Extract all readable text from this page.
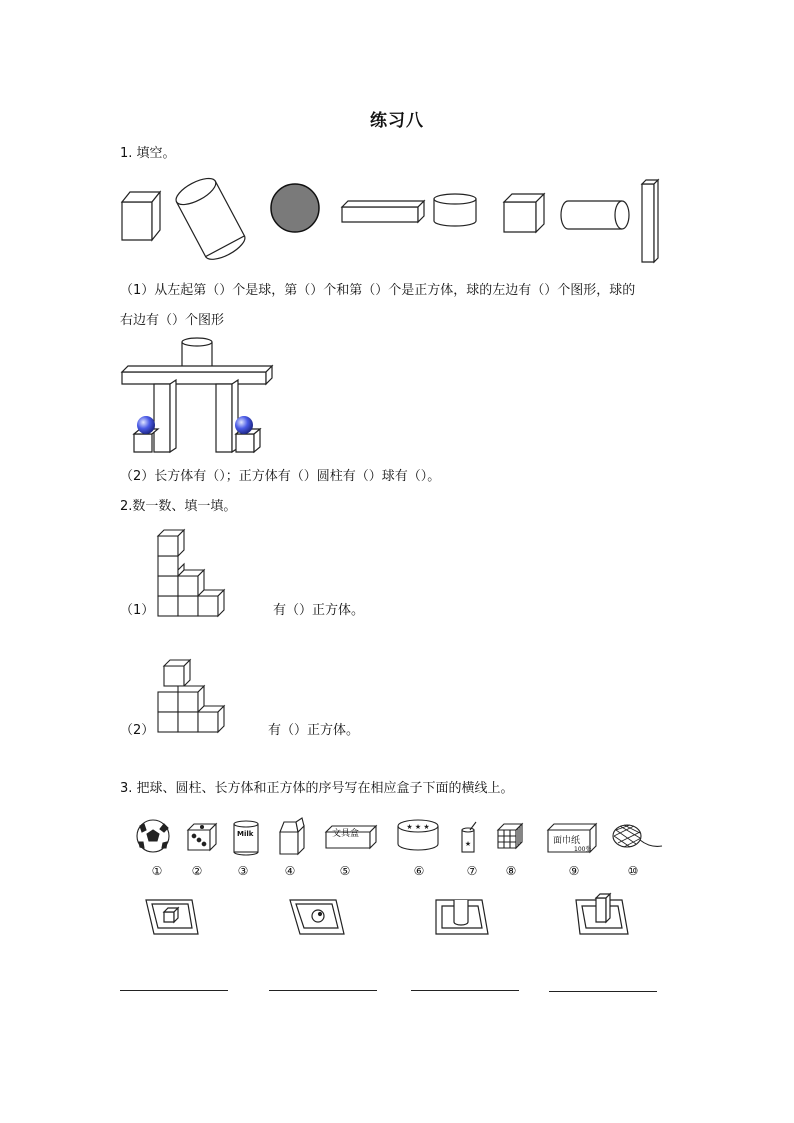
练习八
1. 填空。
（1）从左起第（）个是球，第（）个和第（）个是正方体，球的左边有（）个图形，球的
右边有（）个图形
（2）长方体有（）；正方体有（）圆柱有（）球有（）。
2.数一数、填一填。
（1）	有（）正方体。
（2）	有（）正方体。
3. 把球、圆柱、长方体和正方体的序号写在相应盒子下面的横线上。
★ ★ ★
★
Milk	文具盒
面巾纸
100张
①	②	③	④	⑤	⑥	⑦	⑧	⑨	⑩
